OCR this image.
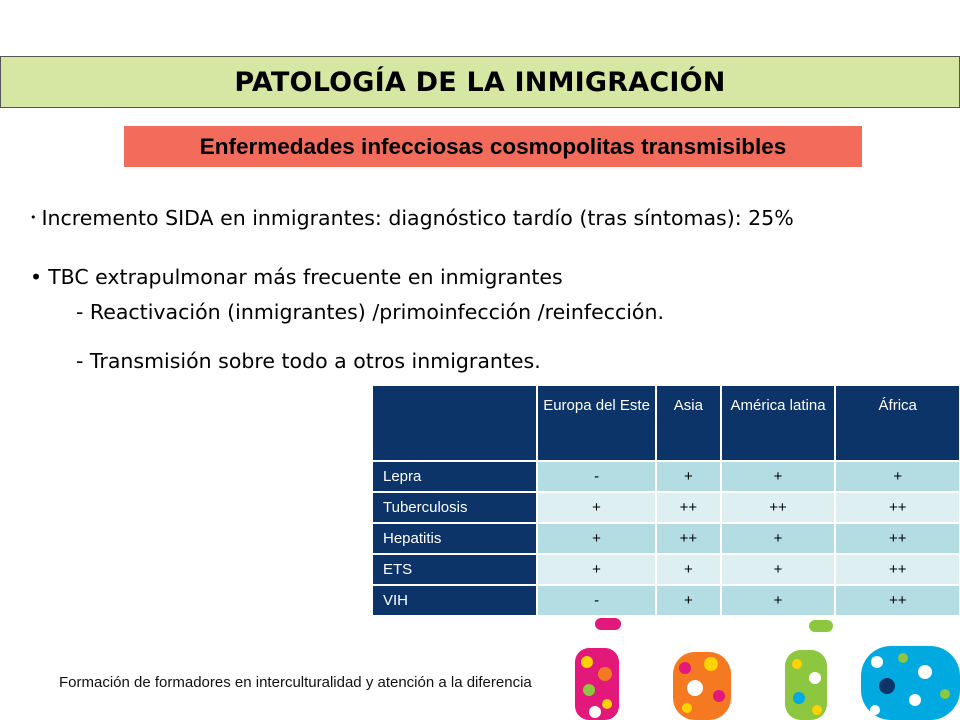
PATOLOGÍA DE LA INMIGRACIÓN
Enfermedades infecciosas cosmopolitas transmisibles
• Incremento SIDA en inmigrantes: diagnóstico tardío (tras síntomas): 25%
• TBC extrapulmonar más frecuente en inmigrantes
- Reactivación (inmigrantes) /primoinfección /reinfección.
- Transmisión sobre todo a otros inmigrantes.
	Europa del Este	Asia	América latina	África
Lepra	-	+	+	+
Tuberculosis	+	++	++	++
Hepatitis	+	++	+	++
ETS	+	+	+	++
VIH	-	+	+	++
Formación de formadores en interculturalidad y atención a la diferencia
